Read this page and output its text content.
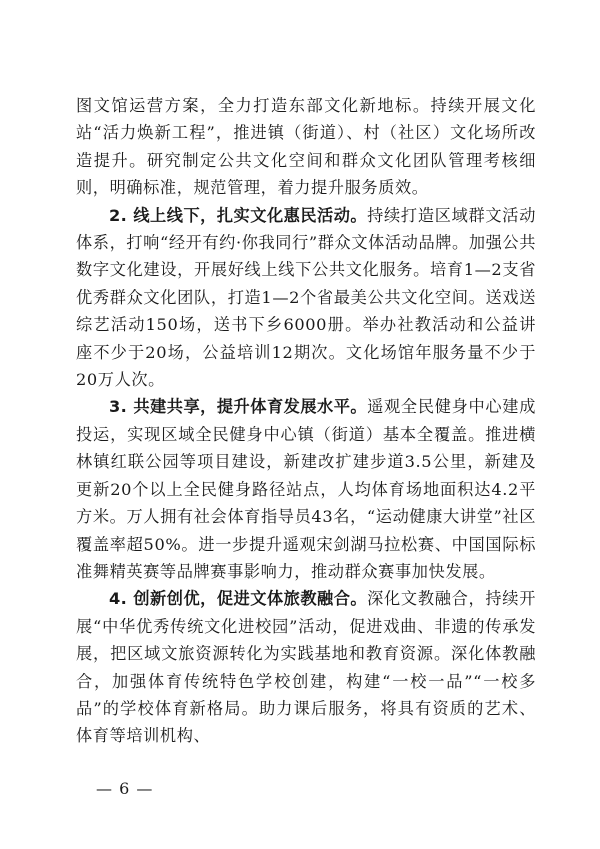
图文馆运营方案，全力打造东部文化新地标。持续开展文化站“活力焕新工程”，推进镇（街道）、村（社区）文化场所改造提升。研究制定公共文化空间和群众文化团队管理考核细则，明确标准，规范管理，着力提升服务质效。

2. 线上线下，扎实文化惠民活动。持续打造区域群文活动体系，打响“经开有约·你我同行”群众文体活动品牌。加强公共数字文化建设，开展好线上线下公共文化服务。培育1—2支省优秀群众文化团队，打造1—2个省最美公共文化空间。送戏送综艺活动150场，送书下乡6000册。举办社教活动和公益讲座不少于20场，公益培训12期次。文化场馆年服务量不少于20万人次。

3. 共建共享，提升体育发展水平。遥观全民健身中心建成投运，实现区域全民健身中心镇（街道）基本全覆盖。推进横林镇红联公园等项目建设，新建改扩建步道3.5公里，新建及更新20个以上全民健身路径站点，人均体育场地面积达4.2平方米。万人拥有社会体育指导员43名，“运动健康大讲堂”社区覆盖率超50%。进一步提升遥观宋剑湖马拉松赛、中国国际标准舞精英赛等品牌赛事影响力，推动群众赛事加快发展。

4. 创新创优，促进文体旅教融合。深化文教融合，持续开展“中华优秀传统文化进校园”活动，促进戏曲、非遗的传承发展，把区域文旅资源转化为实践基地和教育资源。深化体教融合，加强体育传统特色学校创建，构建“一校一品”“一校多品”的学校体育新格局。助力课后服务，将具有资质的艺术、体育等培训机构、

— 6 —
